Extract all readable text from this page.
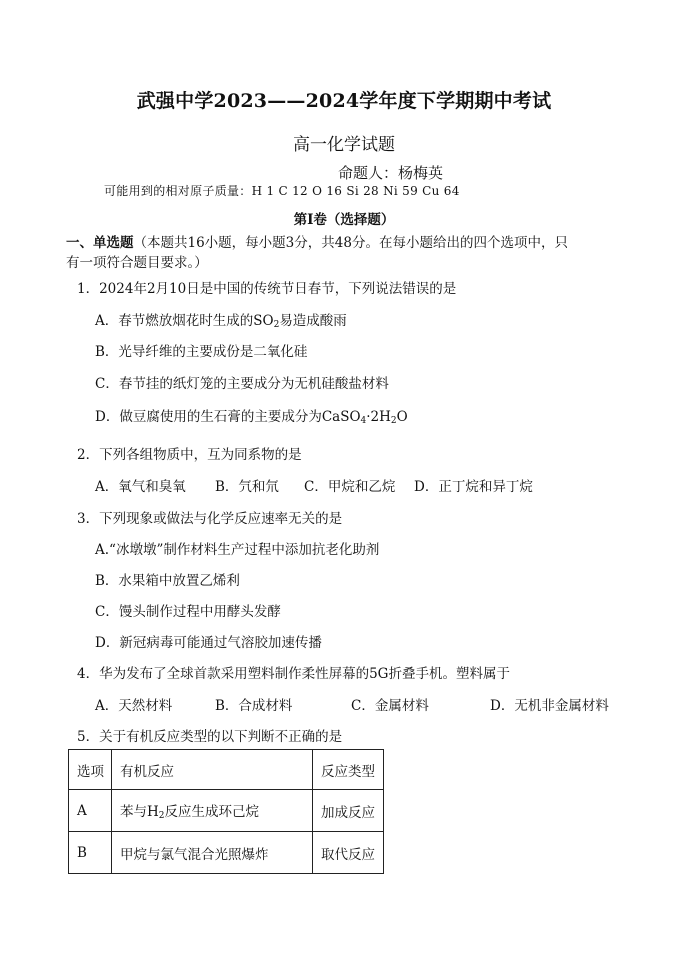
武强中学2023——2024学年度下学期期中考试
高一化学试题
命题人：杨梅英
可能用到的相对原子质量：H 1 C 12 O 16 Si 28 Ni 59 Cu 64
第I卷（选择题）
一、单选题（本题共16小题，每小题3分，共48分。在每小题给出的四个选项中，只
有一项符合题目要求。）
1．2024年2月10日是中国的传统节日春节，下列说法错误的是
A．春节燃放烟花时生成的$SO_2$易造成酸雨
B．光导纤维的主要成份是二氧化硅
C．春节挂的纸灯笼的主要成分为无机硅酸盐材料
D．做豆腐使用的生石膏的主要成分为$CaSO_4\cdot 2H_2O$
2．下列各组物质中，互为同系物的是
A．氧气和臭氧 B．氕和氘 C．甲烷和乙烷 D．正丁烷和异丁烷
3．下列现象或做法与化学反应速率无关的是
A.“冰墩墩”制作材料生产过程中添加抗老化助剂
B．水果箱中放置乙烯利
C．馒头制作过程中用酵头发酵
D．新冠病毒可能通过气溶胶加速传播
4．华为发布了全球首款采用塑料制作柔性屏幕的5G折叠手机。塑料属于
A．天然材料	B．合成材料	C．金属材料	D．无机非金属材料
5．关于有机反应类型的以下判断不正确的是
选项	有机反应	反应类型
A	苯与$H_2$反应生成环己烷	加成反应
B	甲烷与氯气混合光照爆炸	取代反应
